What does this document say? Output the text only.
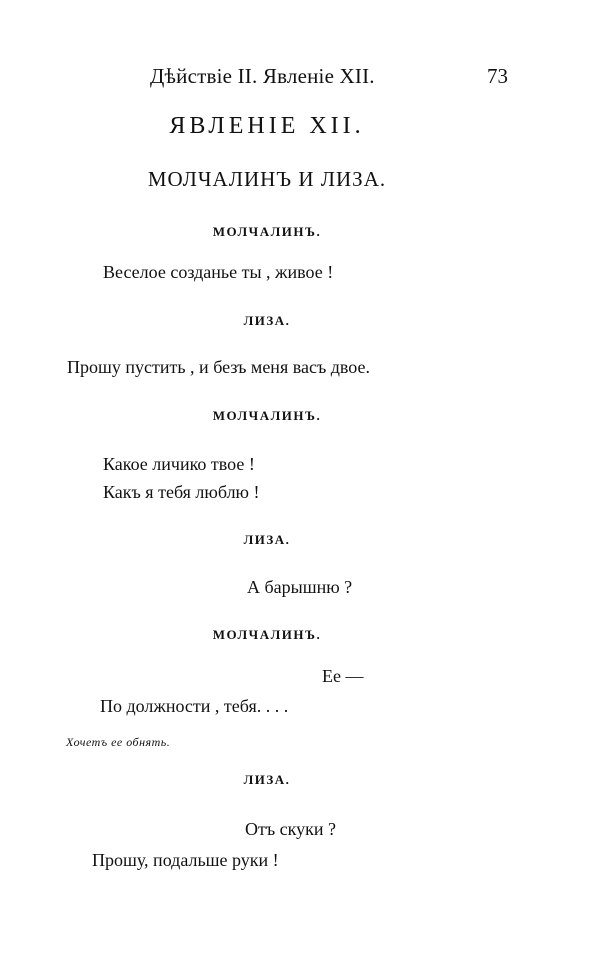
Дѣйствіе II. Явленіе XII.	73
ЯВЛЕНІЕ XII.
МОЛЧАЛИНЪ И ЛИЗА.
МОЛЧАЛИНЪ.
Веселое созданье ты , живое !
ЛИЗА.
Прошу пустить , и безъ меня васъ двое.
МОЛЧАЛИНЪ.
Какое личико твое !
Какъ я тебя люблю !
ЛИЗА.
А барышню ?
МОЛЧАЛИНЪ.
Ее —
По должности , тебя. . . .
Хочетъ ее обнять.
ЛИЗА.
Отъ скуки ?
Прошу, подальше руки !
